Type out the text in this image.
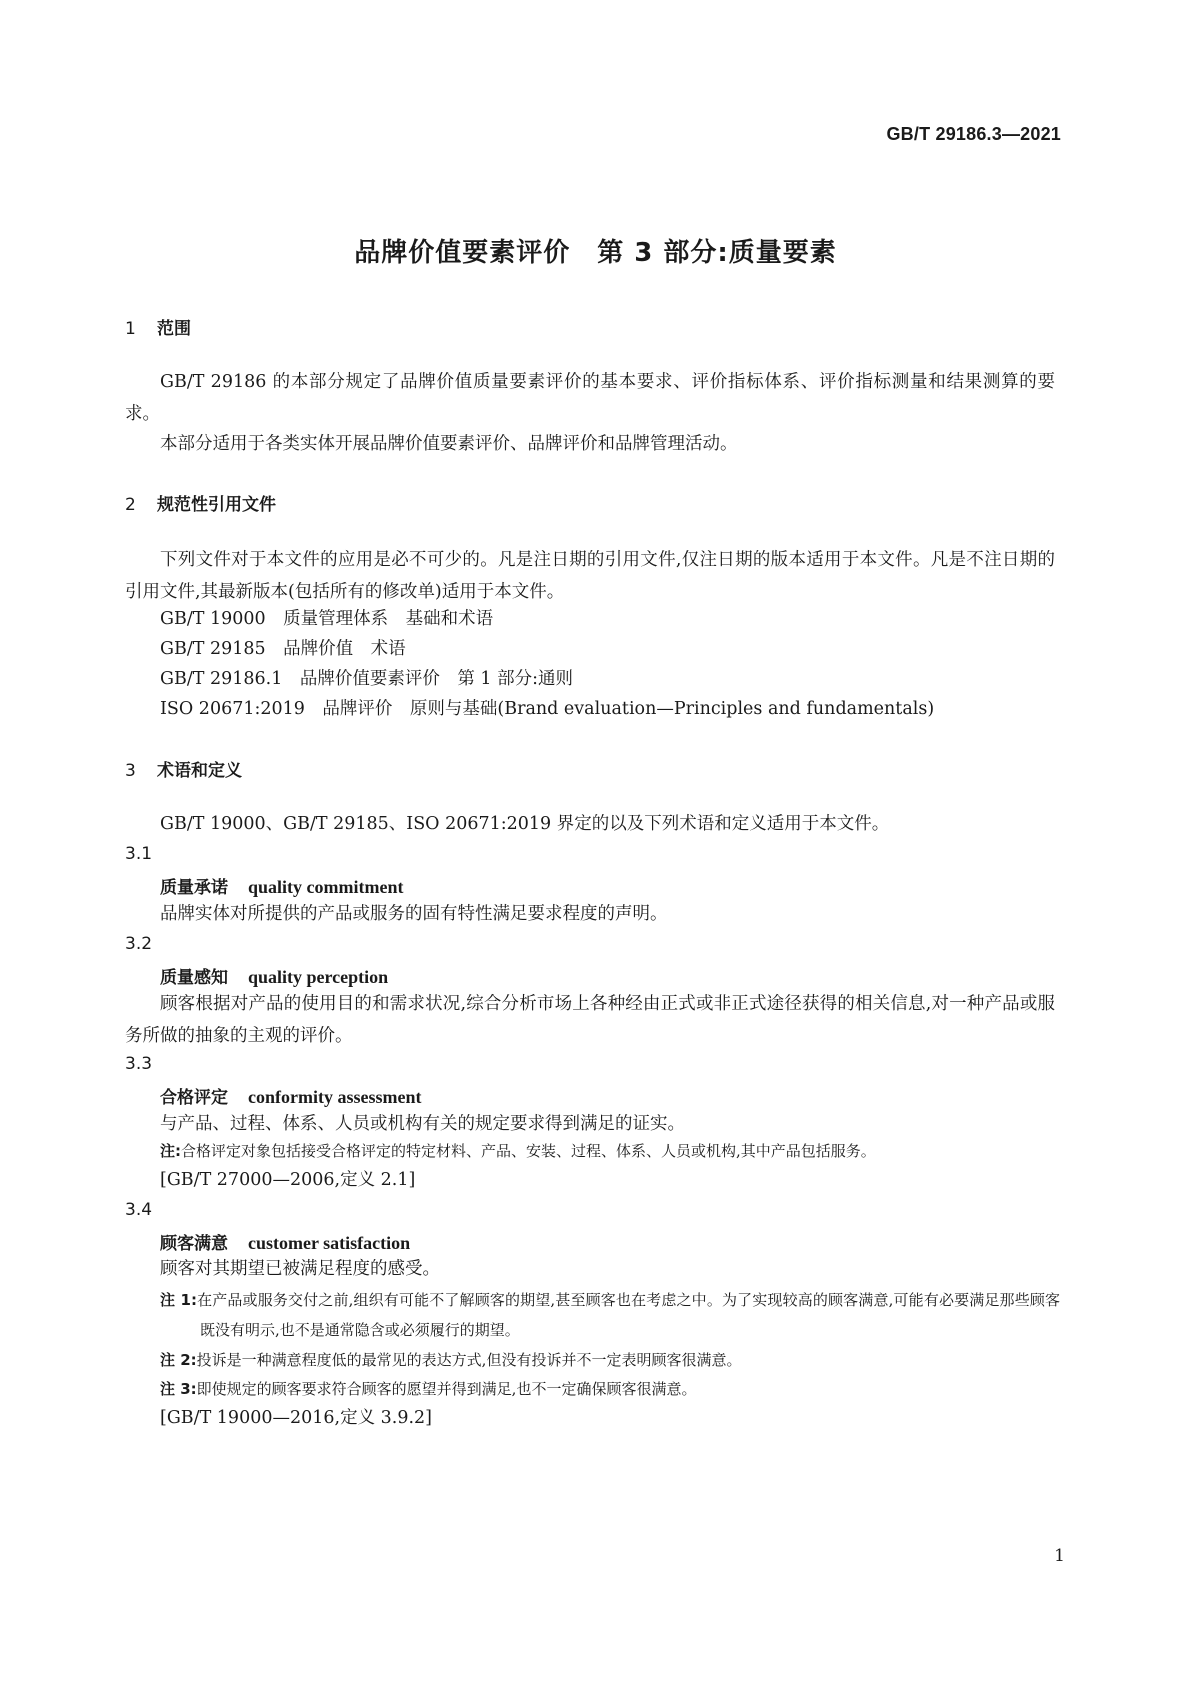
GB/T 29186.3—2021
品牌价值要素评价　第 3 部分:质量要素
1 范围
GB/T 29186 的本部分规定了品牌价值质量要素评价的基本要求、评价指标体系、评价指标测量和结果测算的要求。
本部分适用于各类实体开展品牌价值要素评价、品牌评价和品牌管理活动。
2 规范性引用文件
下列文件对于本文件的应用是必不可少的。凡是注日期的引用文件,仅注日期的版本适用于本文件。凡是不注日期的引用文件,其最新版本(包括所有的修改单)适用于本文件。
GB/T 19000　质量管理体系　基础和术语
GB/T 29185　品牌价值　术语
GB/T 29186.1　品牌价值要素评价　第 1 部分:通则
ISO 20671:2019　品牌评价　原则与基础(Brand evaluation—Principles and fundamentals)
3 术语和定义
GB/T 19000、GB/T 29185、ISO 20671:2019 界定的以及下列术语和定义适用于本文件。
3.1
质量承诺 quality commitment
品牌实体对所提供的产品或服务的固有特性满足要求程度的声明。
3.2
质量感知 quality perception
顾客根据对产品的使用目的和需求状况,综合分析市场上各种经由正式或非正式途径获得的相关信息,对一种产品或服务所做的抽象的主观的评价。
3.3
合格评定 conformity assessment
与产品、过程、体系、人员或机构有关的规定要求得到满足的证实。
注:合格评定对象包括接受合格评定的特定材料、产品、安装、过程、体系、人员或机构,其中产品包括服务。
[GB/T 27000—2006,定义 2.1]
3.4
顾客满意 customer satisfaction
顾客对其期望已被满足程度的感受。
注 1:在产品或服务交付之前,组织有可能不了解顾客的期望,甚至顾客也在考虑之中。为了实现较高的顾客满意,可能有必要满足那些顾客既没有明示,也不是通常隐含或必须履行的期望。
注 2:投诉是一种满意程度低的最常见的表达方式,但没有投诉并不一定表明顾客很满意。
注 3:即使规定的顾客要求符合顾客的愿望并得到满足,也不一定确保顾客很满意。
[GB/T 19000—2016,定义 3.9.2]
1
